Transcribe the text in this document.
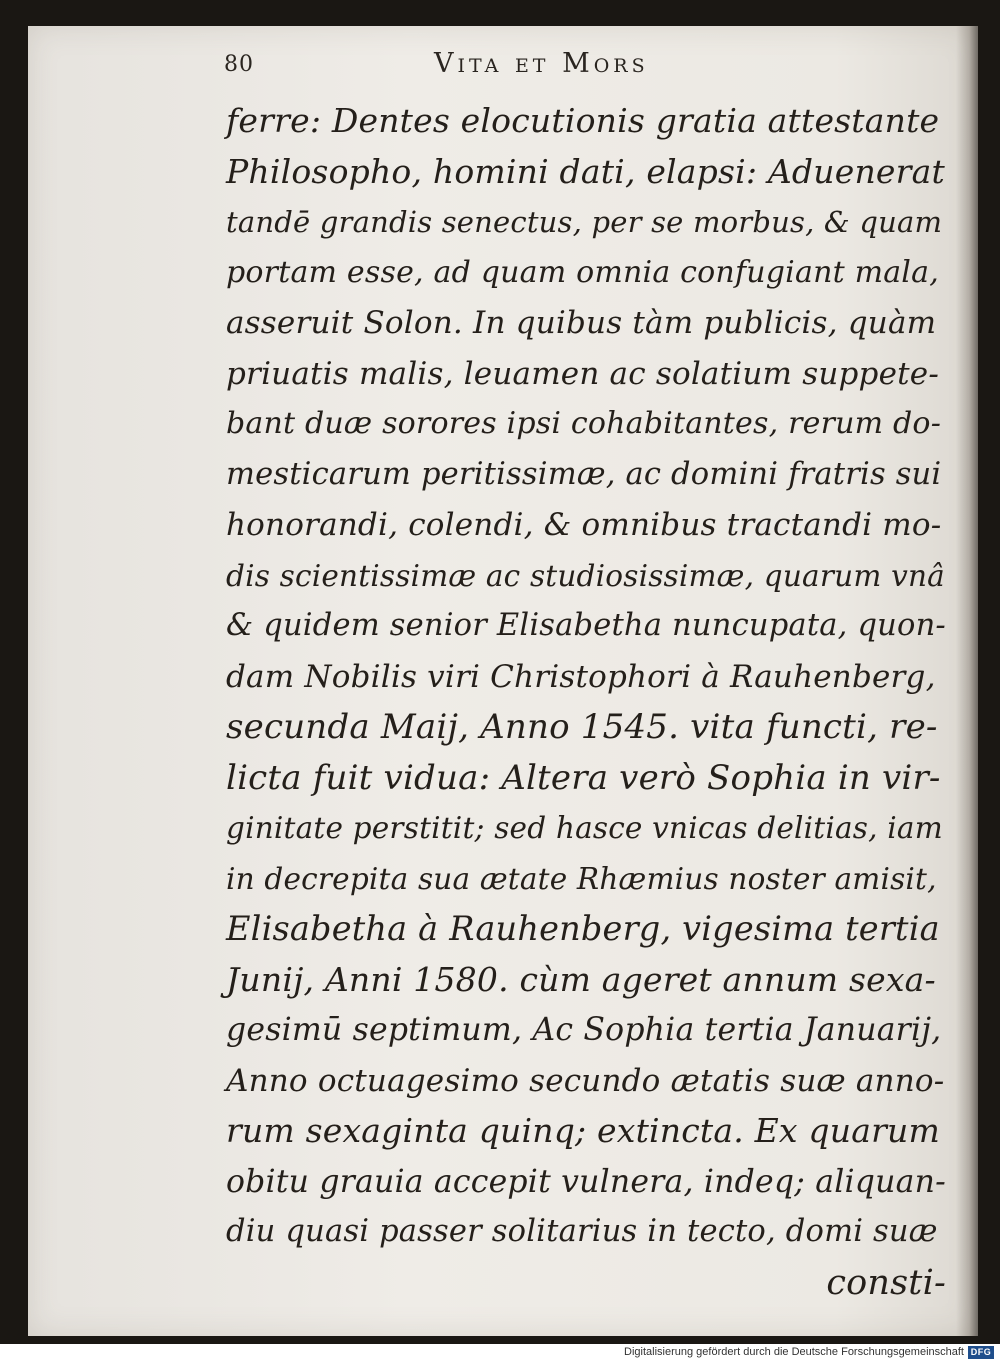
80	Vita et Mors
ferre: Dentes elocutionis gratia attestante
Philosopho, homini dati, elapsi: Aduenerat
tandē grandis senectus, per se morbus, & quam
portam esse, ad quam omnia confugiant mala,
asseruit Solon. In quibus tàm publicis, quàm
priuatis malis, leuamen ac solatium suppete-
bant duæ sorores ipsi cohabitantes, rerum do-
mesticarum peritissimæ, ac domini fratris sui
honorandi, colendi, & omnibus tractandi mo-
dis scientissimæ ac studiosissimæ, quarum vnâ
& quidem senior Elisabetha nuncupata, quon-
dam Nobilis viri Christophori à Rauhenberg,
secunda Maij, Anno 1545. vita functi, re-
licta fuit vidua: Altera verò Sophia in vir-
ginitate perstitit; sed hasce vnicas delitias, iam
in decrepita sua ætate Rhæmius noster amisit,
Elisabetha à Rauhenberg, vigesima tertia
Junij, Anni 1580. cùm ageret annum sexa-
gesimū septimum, Ac Sophia tertia Januarij,
Anno octuagesimo secundo ætatis suæ anno-
rum sexaginta quinq; extincta. Ex quarum
obitu grauia accepit vulnera, indeq; aliquan-
diu quasi passer solitarius in tecto, domi suæ
consti-
Digitalisierung gefördert durch die Deutsche Forschungsgemeinschaft DFG
